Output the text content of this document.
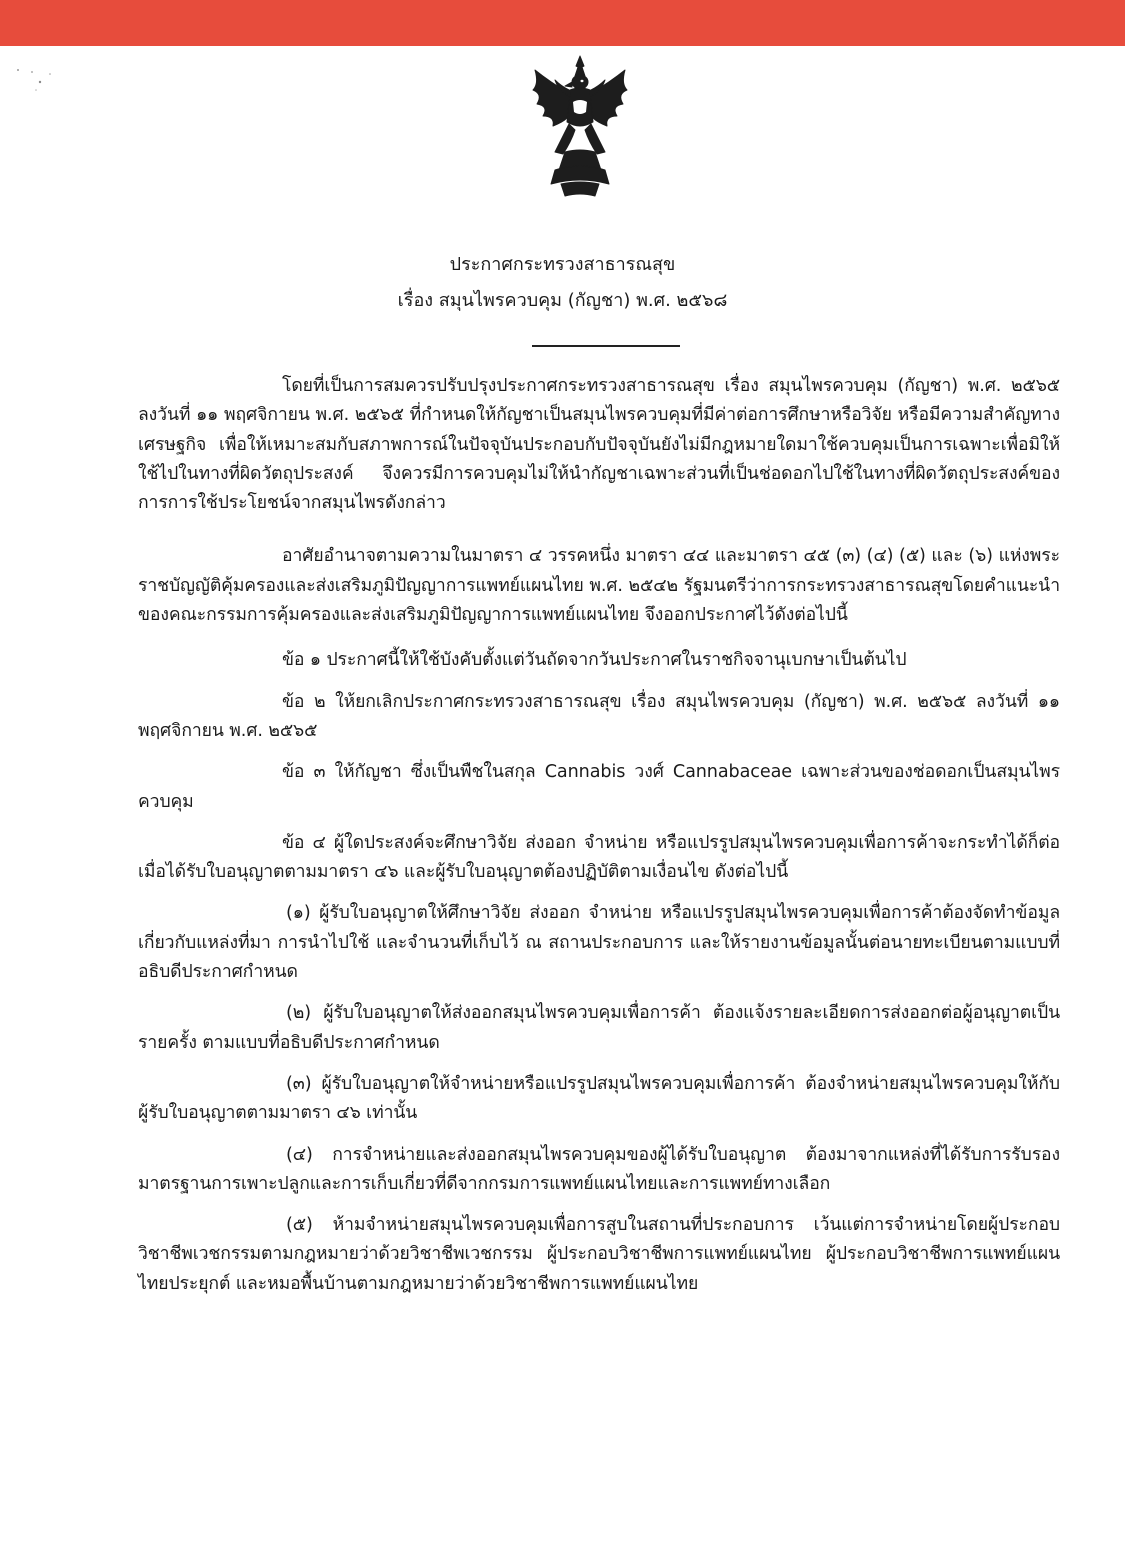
ประกาศกระทรวงสาธารณสุข
เรื่อง สมุนไพรควบคุม (กัญชา) พ.ศ. ๒๕๖๘

โดยที่เป็นการสมควรปรับปรุงประกาศกระทรวงสาธารณสุข เรื่อง สมุนไพรควบคุม (กัญชา) พ.ศ. ๒๕๖๕ ลงวันที่ ๑๑ พฤศจิกายน พ.ศ. ๒๕๖๕ ที่กำหนดให้กัญชาเป็นสมุนไพรควบคุมที่มีค่าต่อการศึกษาหรือวิจัย หรือมีความสำคัญทางเศรษฐกิจ เพื่อให้เหมาะสมกับสภาพการณ์ในปัจจุบันประกอบกับปัจจุบันยังไม่มีกฎหมายใดมาใช้ควบคุมเป็นการเฉพาะเพื่อมิให้ใช้ไปในทางที่ผิดวัตถุประสงค์ จึงควรมีการควบคุมไม่ให้นำกัญชาเฉพาะส่วนที่เป็นช่อดอกไปใช้ในทางที่ผิดวัตถุประสงค์ของการการใช้ประโยชน์จากสมุนไพรดังกล่าว

อาศัยอำนาจตามความในมาตรา ๔ วรรคหนึ่ง มาตรา ๔๔ และมาตรา ๔๕ (๓) (๔) (๕) และ (๖) แห่งพระราชบัญญัติคุ้มครองและส่งเสริมภูมิปัญญาการแพทย์แผนไทย พ.ศ. ๒๕๔๒ รัฐมนตรีว่าการกระทรวงสาธารณสุขโดยคำแนะนำของคณะกรรมการคุ้มครองและส่งเสริมภูมิปัญญาการแพทย์แผนไทย จึงออกประกาศไว้ดังต่อไปนี้

ข้อ ๑ ประกาศนี้ให้ใช้บังคับตั้งแต่วันถัดจากวันประกาศในราชกิจจานุเบกษาเป็นต้นไป

ข้อ ๒ ให้ยกเลิกประกาศกระทรวงสาธารณสุข เรื่อง สมุนไพรควบคุม (กัญชา) พ.ศ. ๒๕๖๕ ลงวันที่ ๑๑ พฤศจิกายน พ.ศ. ๒๕๖๕

ข้อ ๓ ให้กัญชา ซึ่งเป็นพืชในสกุล Cannabis วงศ์ Cannabaceae เฉพาะส่วนของช่อดอกเป็นสมุนไพรควบคุม

ข้อ ๔ ผู้ใดประสงค์จะศึกษาวิจัย ส่งออก จำหน่าย หรือแปรรูปสมุนไพรควบคุมเพื่อการค้าจะกระทำได้ก็ต่อเมื่อได้รับใบอนุญาตตามมาตรา ๔๖ และผู้รับใบอนุญาตต้องปฏิบัติตามเงื่อนไข ดังต่อไปนี้

(๑) ผู้รับใบอนุญาตให้ศึกษาวิจัย ส่งออก จำหน่าย หรือแปรรูปสมุนไพรควบคุมเพื่อการค้าต้องจัดทำข้อมูลเกี่ยวกับแหล่งที่มา การนำไปใช้ และจำนวนที่เก็บไว้ ณ สถานประกอบการ และให้รายงานข้อมูลนั้นต่อนายทะเบียนตามแบบที่อธิบดีประกาศกำหนด

(๒) ผู้รับใบอนุญาตให้ส่งออกสมุนไพรควบคุมเพื่อการค้า ต้องแจ้งรายละเอียดการส่งออกต่อผู้อนุญาตเป็นรายครั้ง ตามแบบที่อธิบดีประกาศกำหนด

(๓) ผู้รับใบอนุญาตให้จำหน่ายหรือแปรรูปสมุนไพรควบคุมเพื่อการค้า ต้องจำหน่ายสมุนไพรควบคุมให้กับผู้รับใบอนุญาตตามมาตรา ๔๖ เท่านั้น

(๔) การจำหน่ายและส่งออกสมุนไพรควบคุมของผู้ได้รับใบอนุญาต ต้องมาจากแหล่งที่ได้รับการรับรองมาตรฐานการเพาะปลูกและการเก็บเกี่ยวที่ดีจากกรมการแพทย์แผนไทยและการแพทย์ทางเลือก

(๕) ห้ามจำหน่ายสมุนไพรควบคุมเพื่อการสูบในสถานที่ประกอบการ เว้นแต่การจำหน่ายโดยผู้ประกอบวิชาชีพเวชกรรมตามกฎหมายว่าด้วยวิชาชีพเวชกรรม ผู้ประกอบวิชาชีพการแพทย์แผนไทย ผู้ประกอบวิชาชีพการแพทย์แผนไทยประยุกต์ และหมอพื้นบ้านตามกฎหมายว่าด้วยวิชาชีพการแพทย์แผนไทย
